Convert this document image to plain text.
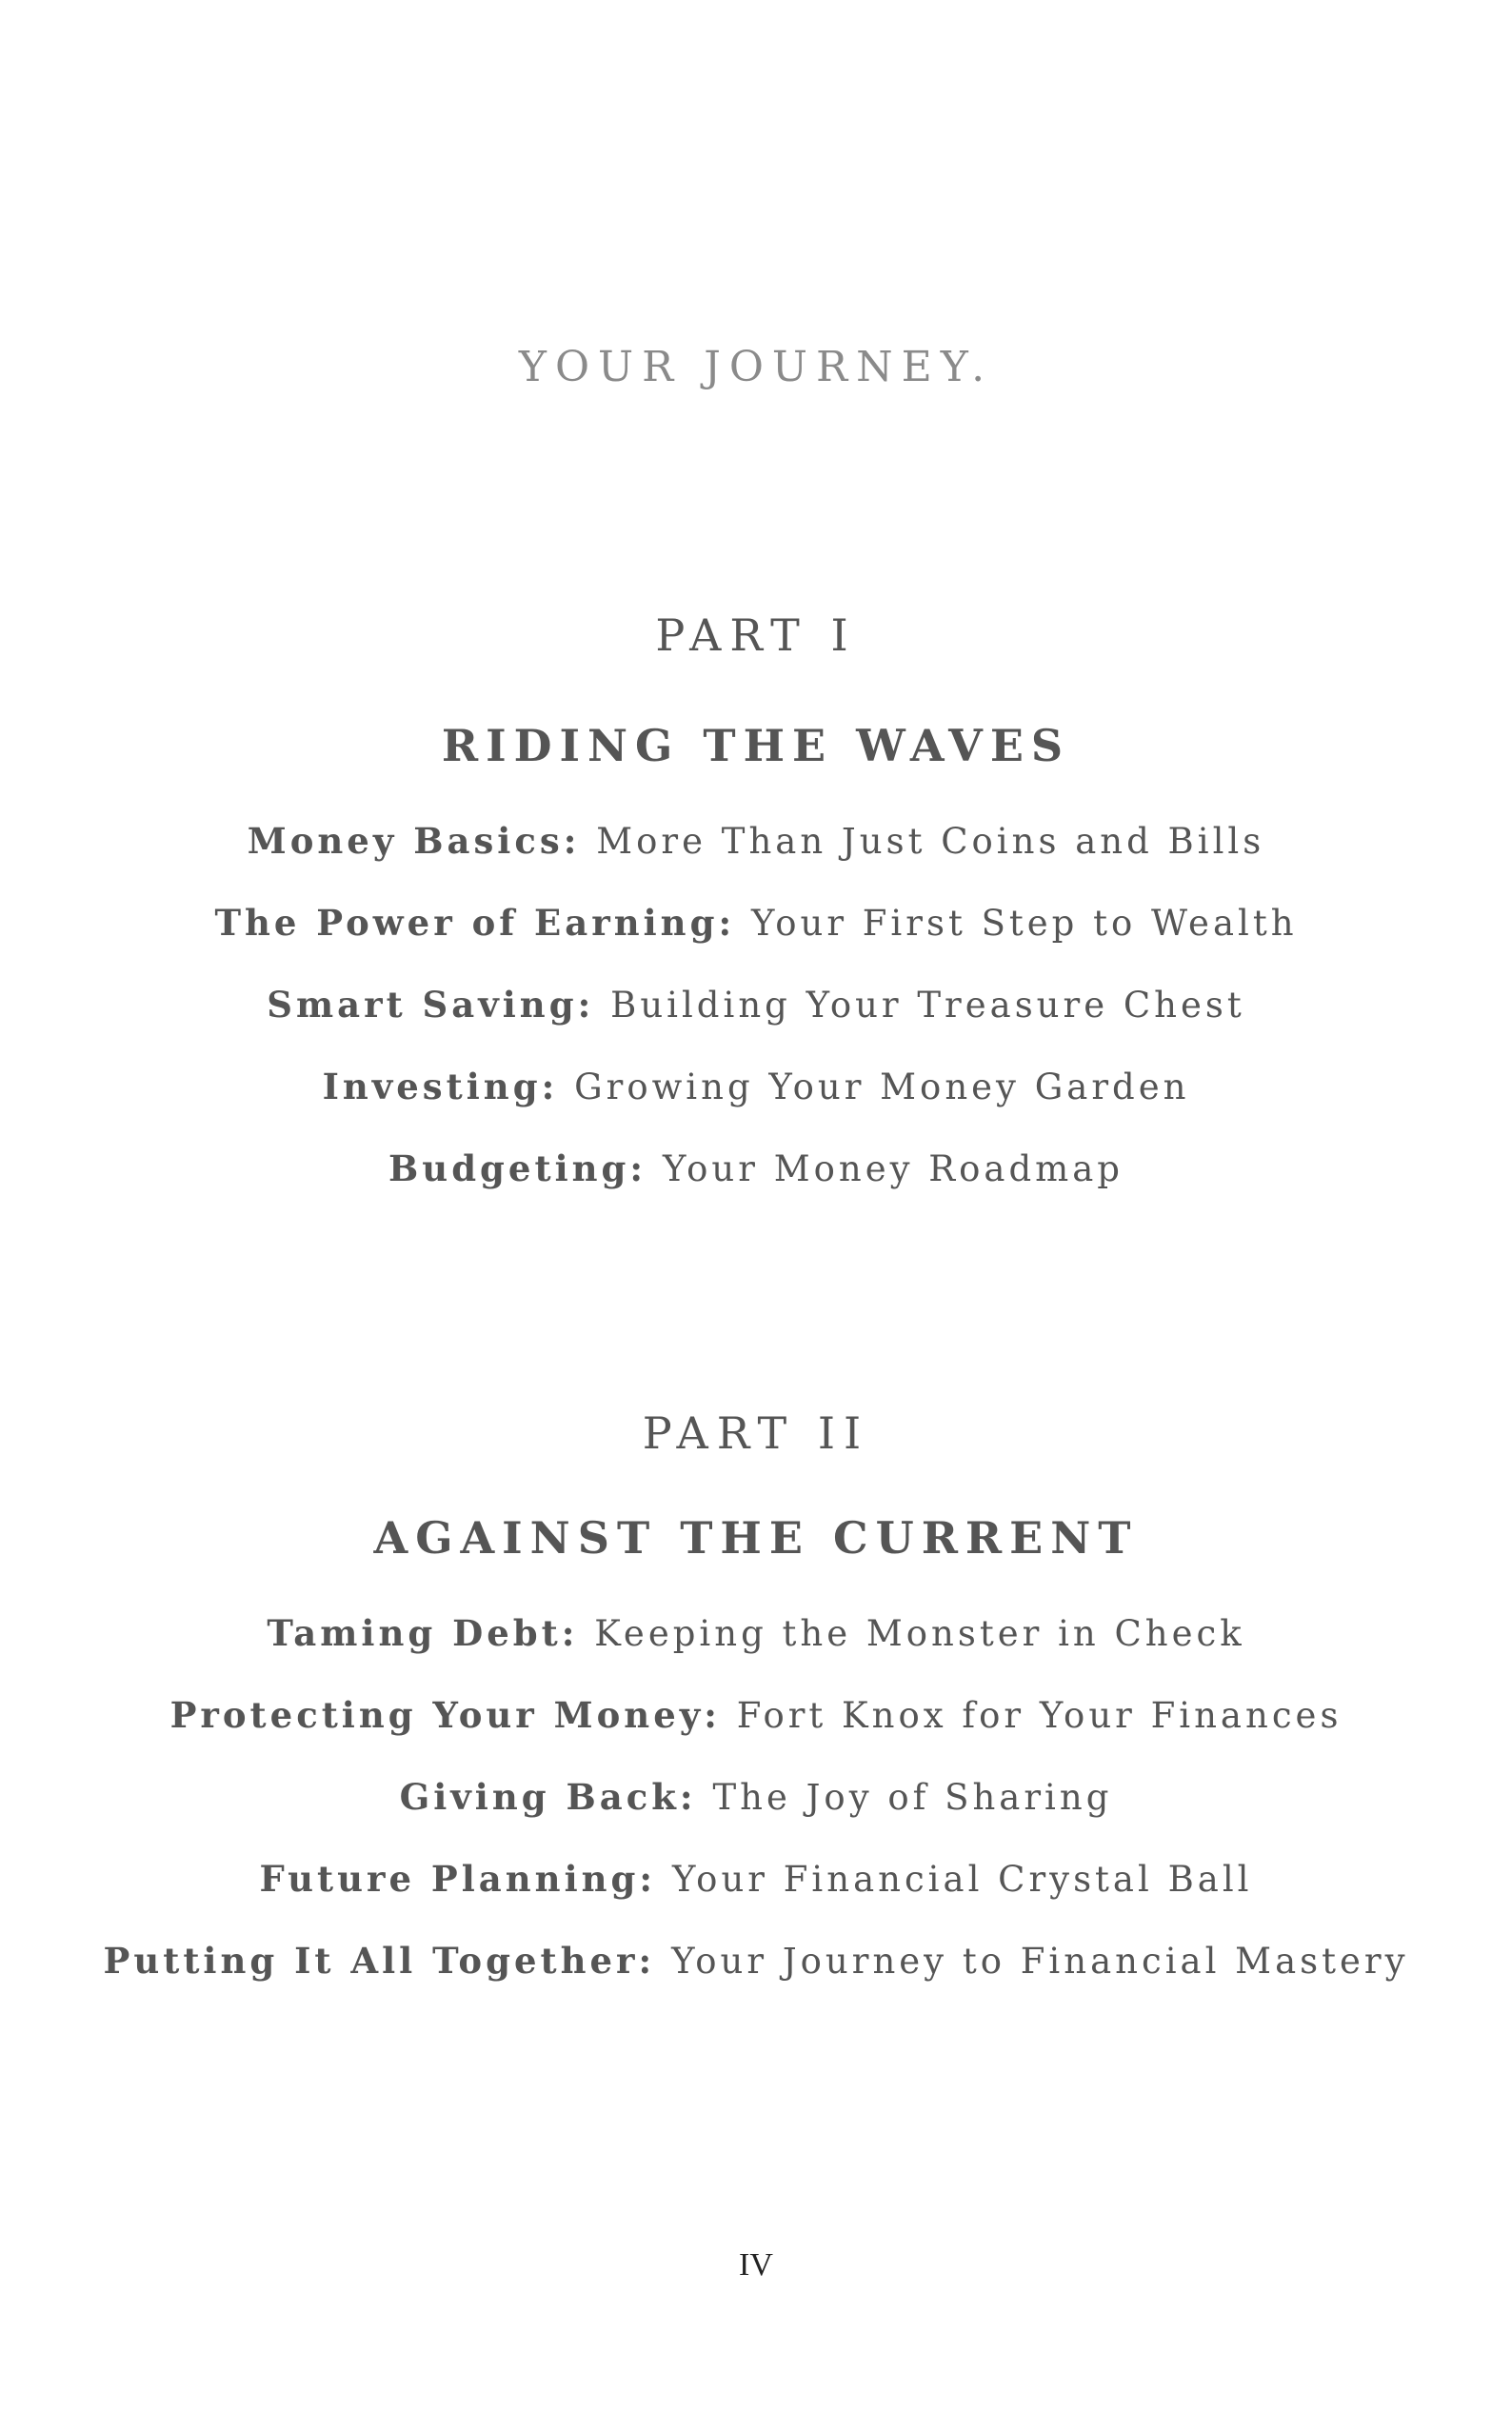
YOUR JOURNEY.
PART I
RIDING THE WAVES
Money Basics: More Than Just Coins and Bills
The Power of Earning: Your First Step to Wealth
Smart Saving: Building Your Treasure Chest
Investing: Growing Your Money Garden
Budgeting: Your Money Roadmap
PART II
AGAINST THE CURRENT
Taming Debt: Keeping the Monster in Check
Protecting Your Money: Fort Knox for Your Finances
Giving Back: The Joy of Sharing
Future Planning: Your Financial Crystal Ball
Putting It All Together: Your Journey to Financial Mastery
IV
